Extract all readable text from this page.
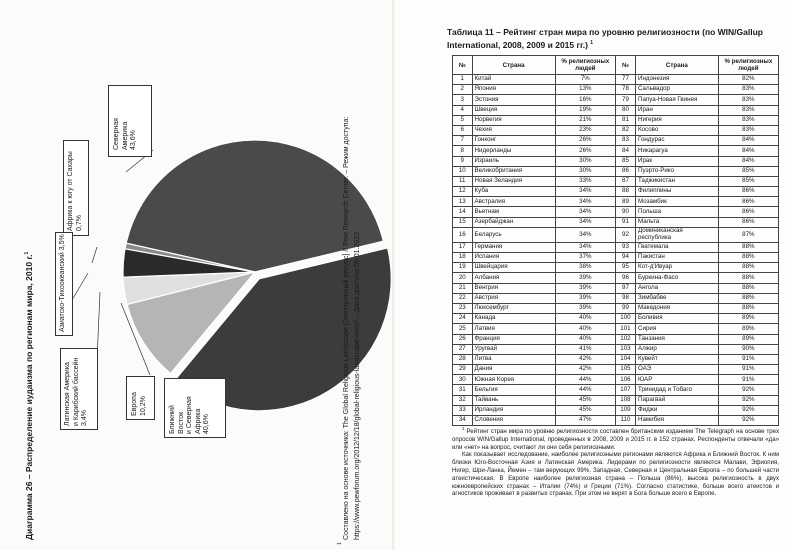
Диаграмма 26 – Распределение иудаизма по регионам мира, 2010 г.$^1$
Северная Америка 43,6%
Африка к югу от Сахары 0,7%
Азиатско-Тихоокеанский 3,5%
Латинская Америка и Карибский бассейн 3,4%
Европа 10,2%	Ближний Восток и Северная Африка 40,6%
1
Составлено на основе источника: The Global Religious Landscape [Электронный ресурс] // Pew Research Center. – Режим доступа: https://www.pewforum.org/2012/12/18/global-religious-landscape-exec/ – Дата доступа 09.01.2022.
Таблица 11 – Рейтинг стран мира по уровню религиозности (по WIN/Gallup International, 2008, 2009 и 2015 гг.) $^1$
№	Страна	% религиозных людей	№	Страна	% религиозных людей
1	Китай	7%	77	Индонезия	82%
2	Япония	13%	78	Сальвадор	83%
3	Эстония	16%	79	Папуа-Новая Гвинея	83%
4	Швеция	19%	80	Иран	83%
5	Норвегия	21%	81	Нигерия	83%
6	Чехия	23%	82	Косово	83%
7	Гонконг	26%	83	Гондурас	84%
8	Нидерланды	26%	84	Никарагуа	84%
9	Израиль	30%	85	Ирак	84%
10	Великобритания	30%	86	Пуэрто-Рико	85%
11	Новая Зеландия	33%	87	Таджикистан	85%
12	Куба	34%	88	Филиппины	86%
13	Австралия	34%	89	Мозамбик	86%
14	Вьетнам	34%	90	Польша	86%
15	Азербайджан	34%	91	Мальта	86%
16	Беларусь	34%	92	Доминиканская республика	87%
17	Германия	34%	93	Гватемала	88%
18	Испания	37%	94	Пакистан	88%
19	Швейцария	38%	95	Кот-д'Ивуар	88%
20	Албания	39%	96	Буркина-Фасо	88%
21	Венгрия	39%	97	Ангола	88%
22	Австрия	39%	98	Зимбабве	88%
23	Люксембург	39%	99	Македония	88%
24	Канада	40%	100	Боливия	89%
25	Латвия	40%	101	Сирия	89%
26	Франция	40%	102	Танзания	89%
27	Уругвай	41%	103	Алжир	90%
28	Литва	42%	104	Кувейт	91%
29	Дания	42%	105	ОАЭ	91%
30	Южная Корея	44%	106	ЮАР	91%
31	Бельгия	44%	107	Тринидад и Тобаго	92%
32	Тайвань	45%	108	Парагвай	92%
33	Ирландия	45%	109	Фиджи	92%
34	Словения	47%	110	Намибия	92%
$^1$ Рейтинг стран мира по уровню религиозности составлен британским изданием The Telegraph на основе трех опросов WIN/Gallup International, проведенных в 2008, 2009 и 2015 гг. в 152 странах. Респонденты отвечали «да» или «нет» на вопрос, считают ли они себя религиозными.
Как показывает исследование, наиболее религиозными регионами являются Африка и Ближний Восток. К ним близки Юго-Восточная Азия и Латинская Америка. Лидерами по религиозности являются Малави, Эфиопия, Нигер, Шри-Ланка, Йемен – там верующих 99%. Западная, Северная и Центральная Европа – по большей части атеистическая. В Европе наиболее религиозная страна – Польша (86%), высока религиозность в двух южноевропейских странах – Италии (74%) и Греции (71%). Согласно статистике, больше всего атеистов и агностиков проживает в развитых странах. При этом не верят в Бога больше всего в Европе.
